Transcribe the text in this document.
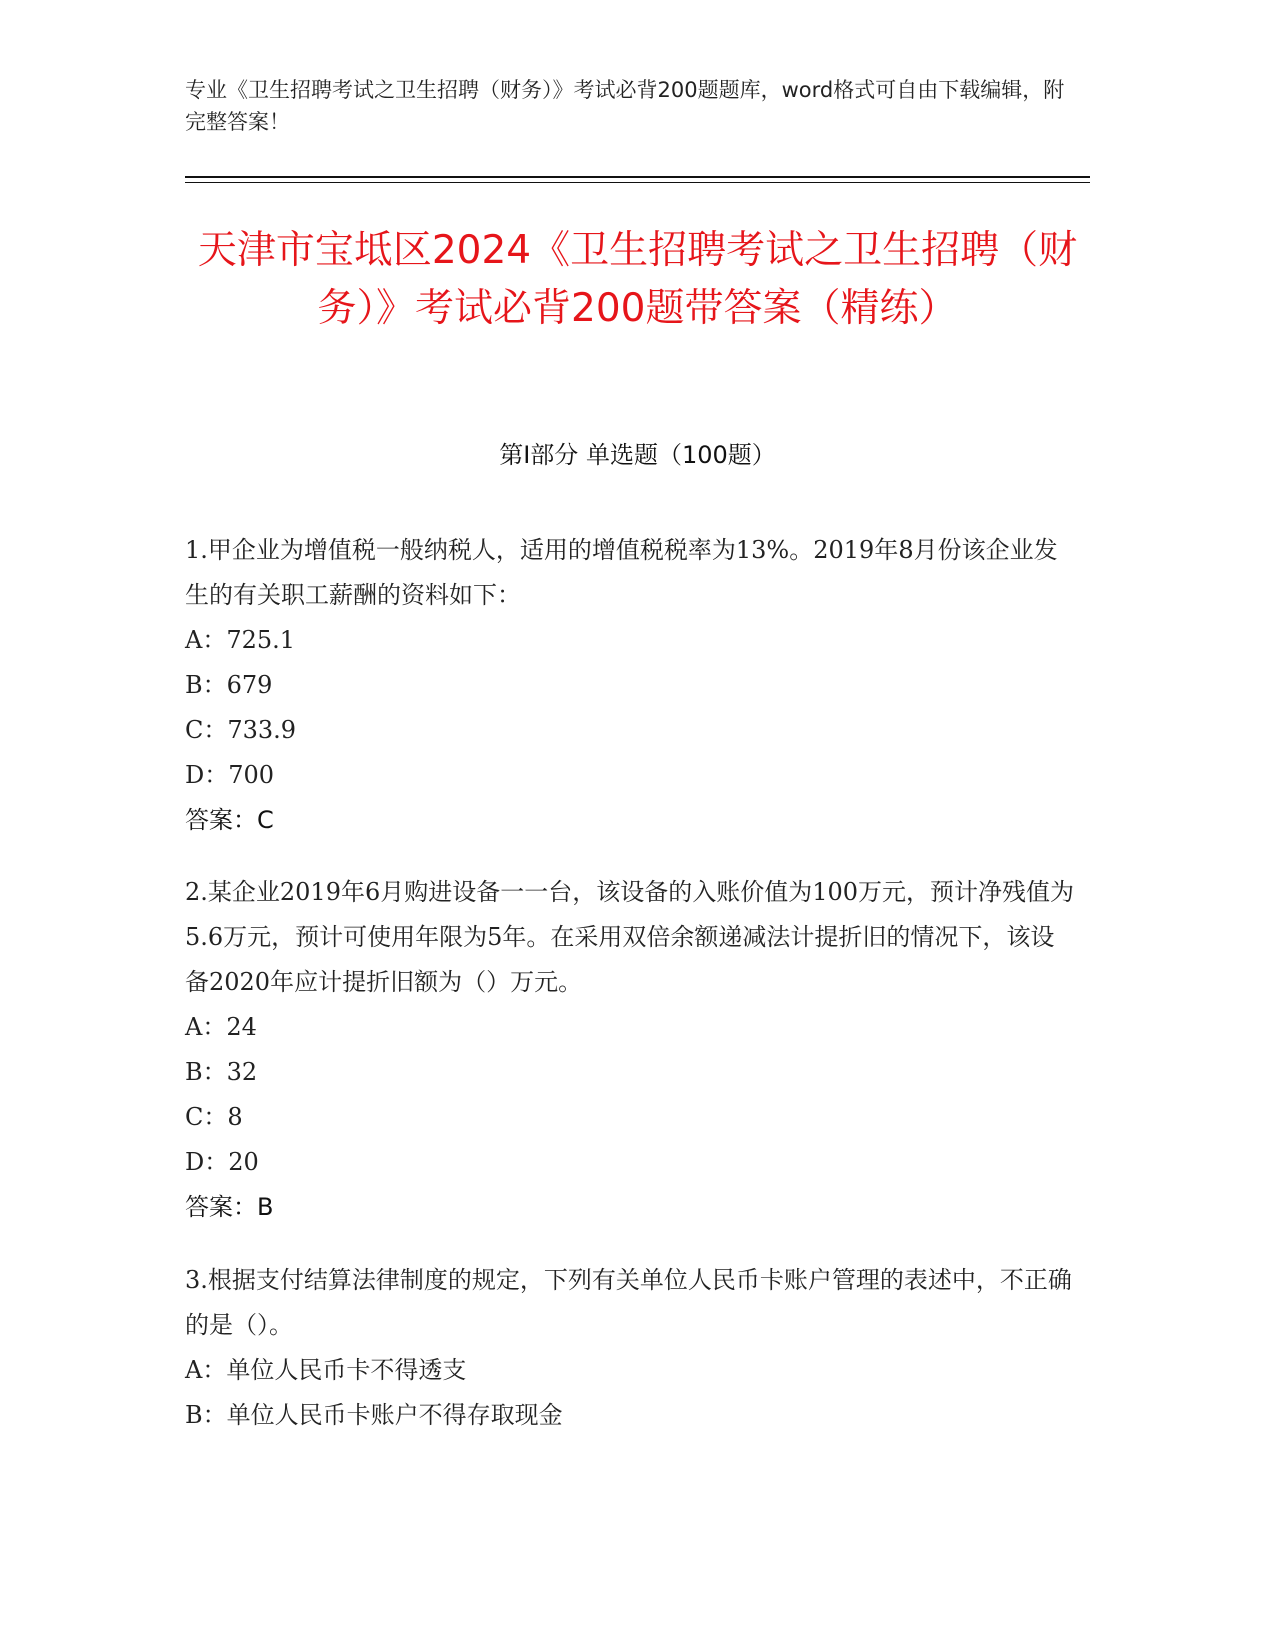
专业《卫生招聘考试之卫生招聘（财务）》考试必背200题题库，word格式可自由下载编辑，附完整答案！
天津市宝坻区2024《卫生招聘考试之卫生招聘（财务）》考试必背200题带答案（精练）
第I部分 单选题（100题）
1.甲企业为增值税一般纳税人，适用的增值税税率为13%。2019年8月份该企业发生的有关职工薪酬的资料如下：
A：725.1
B：679
C：733.9
D：700
答案：C
2.某企业2019年6月购进设备一一台，该设备的入账价值为100万元，预计净残值为5.6万元，预计可使用年限为5年。在采用双倍余额递减法计提折旧的情况下，该设备2020年应计提折旧额为（）万元。
A：24
B：32
C：8
D：20
答案：B
3.根据支付结算法律制度的规定，下列有关单位人民币卡账户管理的表述中，不正确的是（）。
A：单位人民币卡不得透支
B：单位人民币卡账户不得存取现金
